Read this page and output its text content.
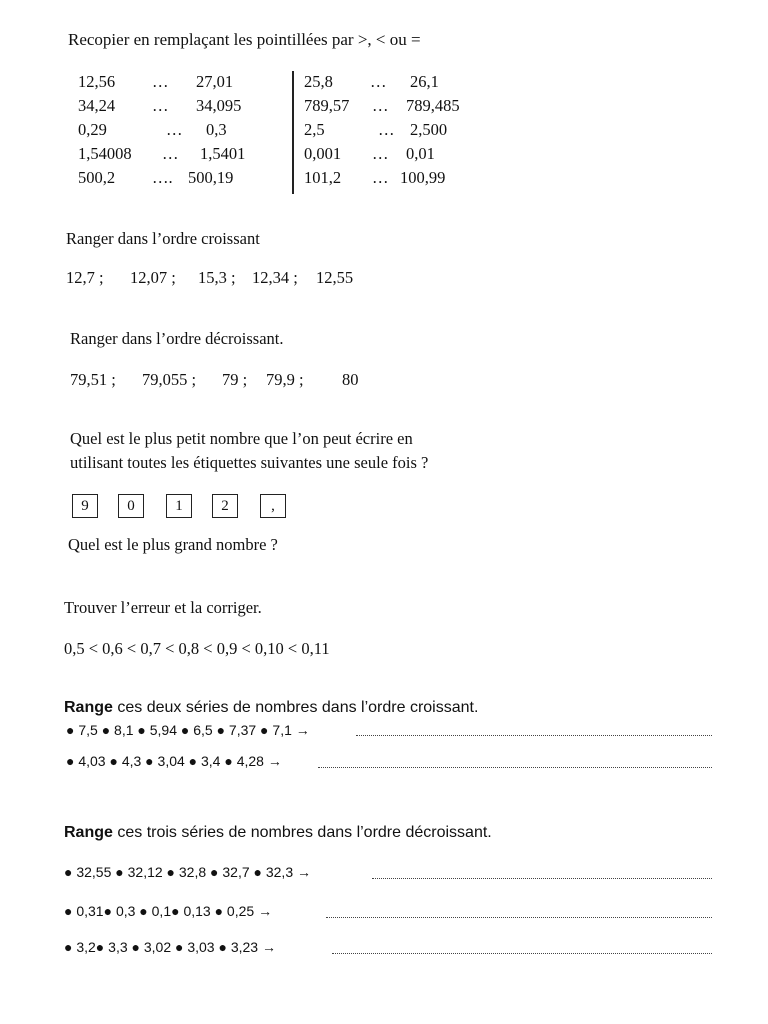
Recopier en remplaçant les pointillées par >, < ou =
12,56 … 27,01
34,24 … 34,095
0,29	… 0,3
1,54008 … 1,5401
500,2 …. 500,19
25,8 … 26,1
789,57 … 789,485
2,5	… 2,500
0,001 … 0,01
101,2 … 100,99
Ranger dans l’ordre croissant
12,7 ; 12,07 ; 15,3 ; 12,34 ; 12,55
Ranger dans l’ordre décroissant.
79,51 ; 79,055 ; 79 ; 79,9 ; 80
Quel est le plus petit nombre que l’on peut écrire en
utilisant toutes les étiquettes suivantes une seule fois ?
9	0	1	2	,
Quel est le plus grand nombre ?
Trouver l’erreur et la corriger.
0,5 < 0,6 < 0,7 < 0,8 < 0,9 < 0,10 < 0,11
Range ces deux séries de nombres dans l’ordre croissant.
● 7,5 ● 8,1 ● 5,94 ● 6,5 ● 7,37 ● 7,1 →
● 4,03 ● 4,3 ● 3,04 ● 3,4 ● 4,28 →
Range ces trois séries de nombres dans l’ordre décroissant.
● 32,55 ● 32,12 ● 32,8 ● 32,7 ● 32,3 →
● 0,31● 0,3 ● 0,1● 0,13 ● 0,25 →
● 3,2● 3,3 ● 3,02 ● 3,03 ● 3,23 →
